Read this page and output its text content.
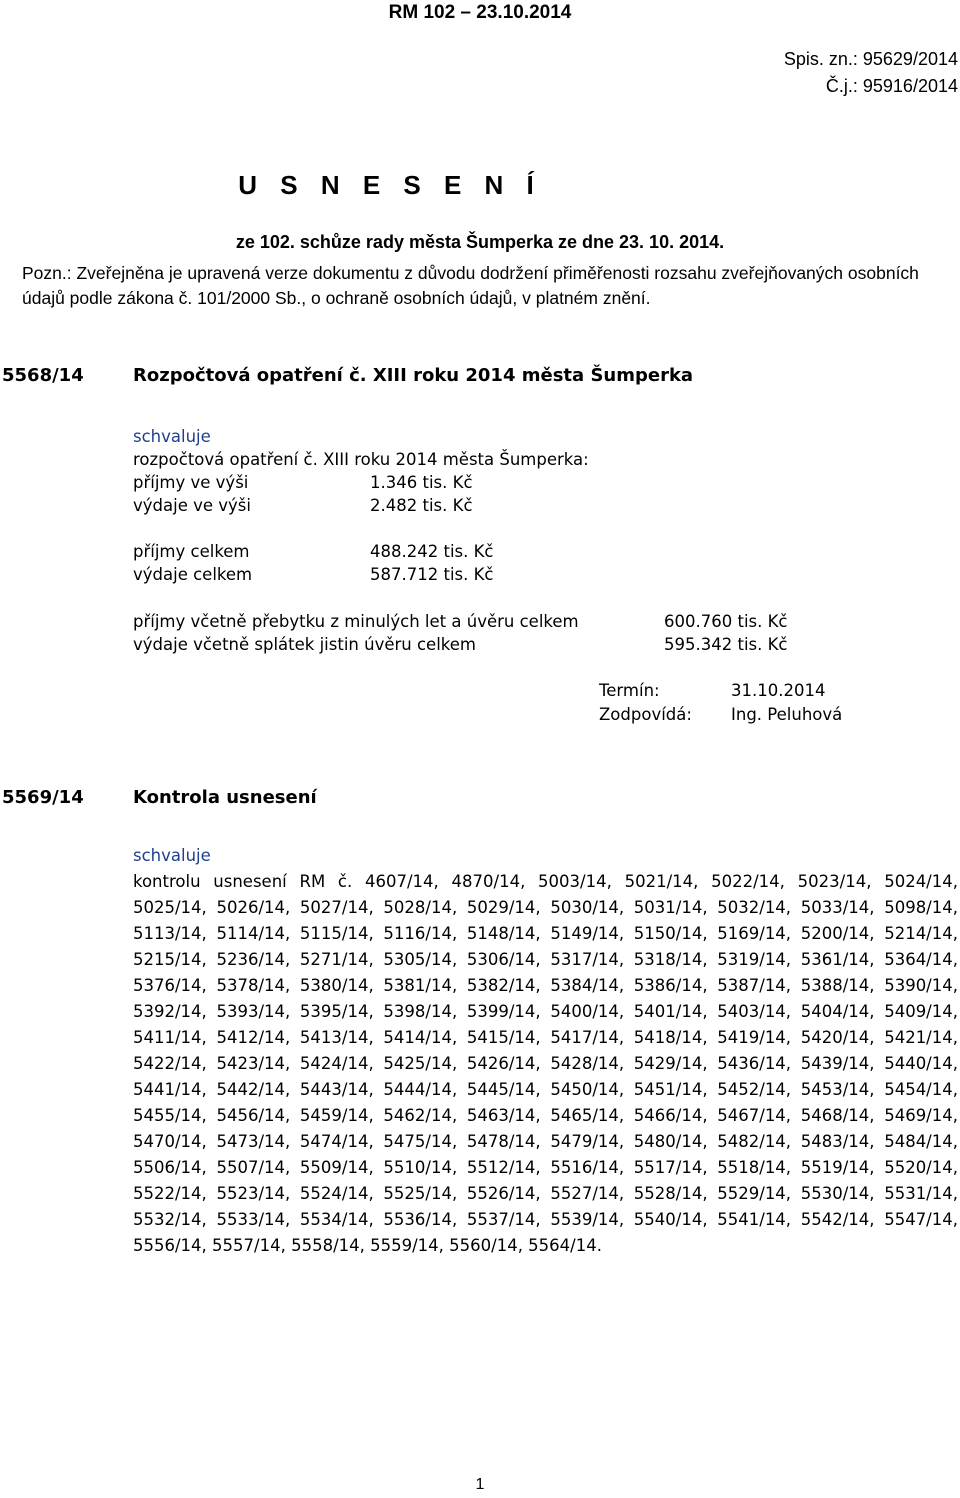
RM 102 – 23.10.2014
Spis. zn.: 95629/2014
Č.j.: 95916/2014
U S N E S E N Í
ze 102. schůze rady města Šumperka ze dne 23. 10. 2014.
Pozn.: Zveřejněna je upravená verze dokumentu z důvodu dodržení přiměřenosti rozsahu zveřejňovaných osobních údajů podle zákona č. 101/2000 Sb., o ochraně osobních údajů, v platném znění.
5568/14	Rozpočtová opatření č. XIII roku 2014 města Šumperka
schvaluje
rozpočtová opatření č. XIII roku 2014 města Šumperka:
příjmy ve výši	1.346 tis. Kč
výdaje ve výši	2.482 tis. Kč
příjmy celkem	488.242 tis. Kč
výdaje celkem	587.712 tis. Kč
příjmy včetně přebytku z minulých let a úvěru celkem	600.760 tis. Kč
výdaje včetně splátek jistin úvěru celkem	595.342 tis. Kč
Termín:	31.10.2014
Zodpovídá: Ing. Peluhová
5569/14	Kontrola usnesení
schvaluje
kontrolu usnesení RM č. 4607/14, 4870/14, 5003/14, 5021/14, 5022/14, 5023/14, 5024/14, 5025/14, 5026/14, 5027/14, 5028/14, 5029/14, 5030/14, 5031/14, 5032/14, 5033/14, 5098/14, 5113/14, 5114/14, 5115/14, 5116/14, 5148/14, 5149/14, 5150/14, 5169/14, 5200/14, 5214/14, 5215/14, 5236/14, 5271/14, 5305/14, 5306/14, 5317/14, 5318/14, 5319/14, 5361/14, 5364/14, 5376/14, 5378/14, 5380/14, 5381/14, 5382/14, 5384/14, 5386/14, 5387/14, 5388/14, 5390/14, 5392/14, 5393/14, 5395/14, 5398/14, 5399/14, 5400/14, 5401/14, 5403/14, 5404/14, 5409/14, 5411/14, 5412/14, 5413/14, 5414/14, 5415/14, 5417/14, 5418/14, 5419/14, 5420/14, 5421/14, 5422/14, 5423/14, 5424/14, 5425/14, 5426/14, 5428/14, 5429/14, 5436/14, 5439/14, 5440/14, 5441/14, 5442/14, 5443/14, 5444/14, 5445/14, 5450/14, 5451/14, 5452/14, 5453/14, 5454/14, 5455/14, 5456/14, 5459/14, 5462/14, 5463/14, 5465/14, 5466/14, 5467/14, 5468/14, 5469/14, 5470/14, 5473/14, 5474/14, 5475/14, 5478/14, 5479/14, 5480/14, 5482/14, 5483/14, 5484/14, 5506/14, 5507/14, 5509/14, 5510/14, 5512/14, 5516/14, 5517/14, 5518/14, 5519/14, 5520/14, 5522/14, 5523/14, 5524/14, 5525/14, 5526/14, 5527/14, 5528/14, 5529/14, 5530/14, 5531/14, 5532/14, 5533/14, 5534/14, 5536/14, 5537/14, 5539/14, 5540/14, 5541/14, 5542/14, 5547/14, 5556/14, 5557/14, 5558/14, 5559/14, 5560/14, 5564/14.
1
